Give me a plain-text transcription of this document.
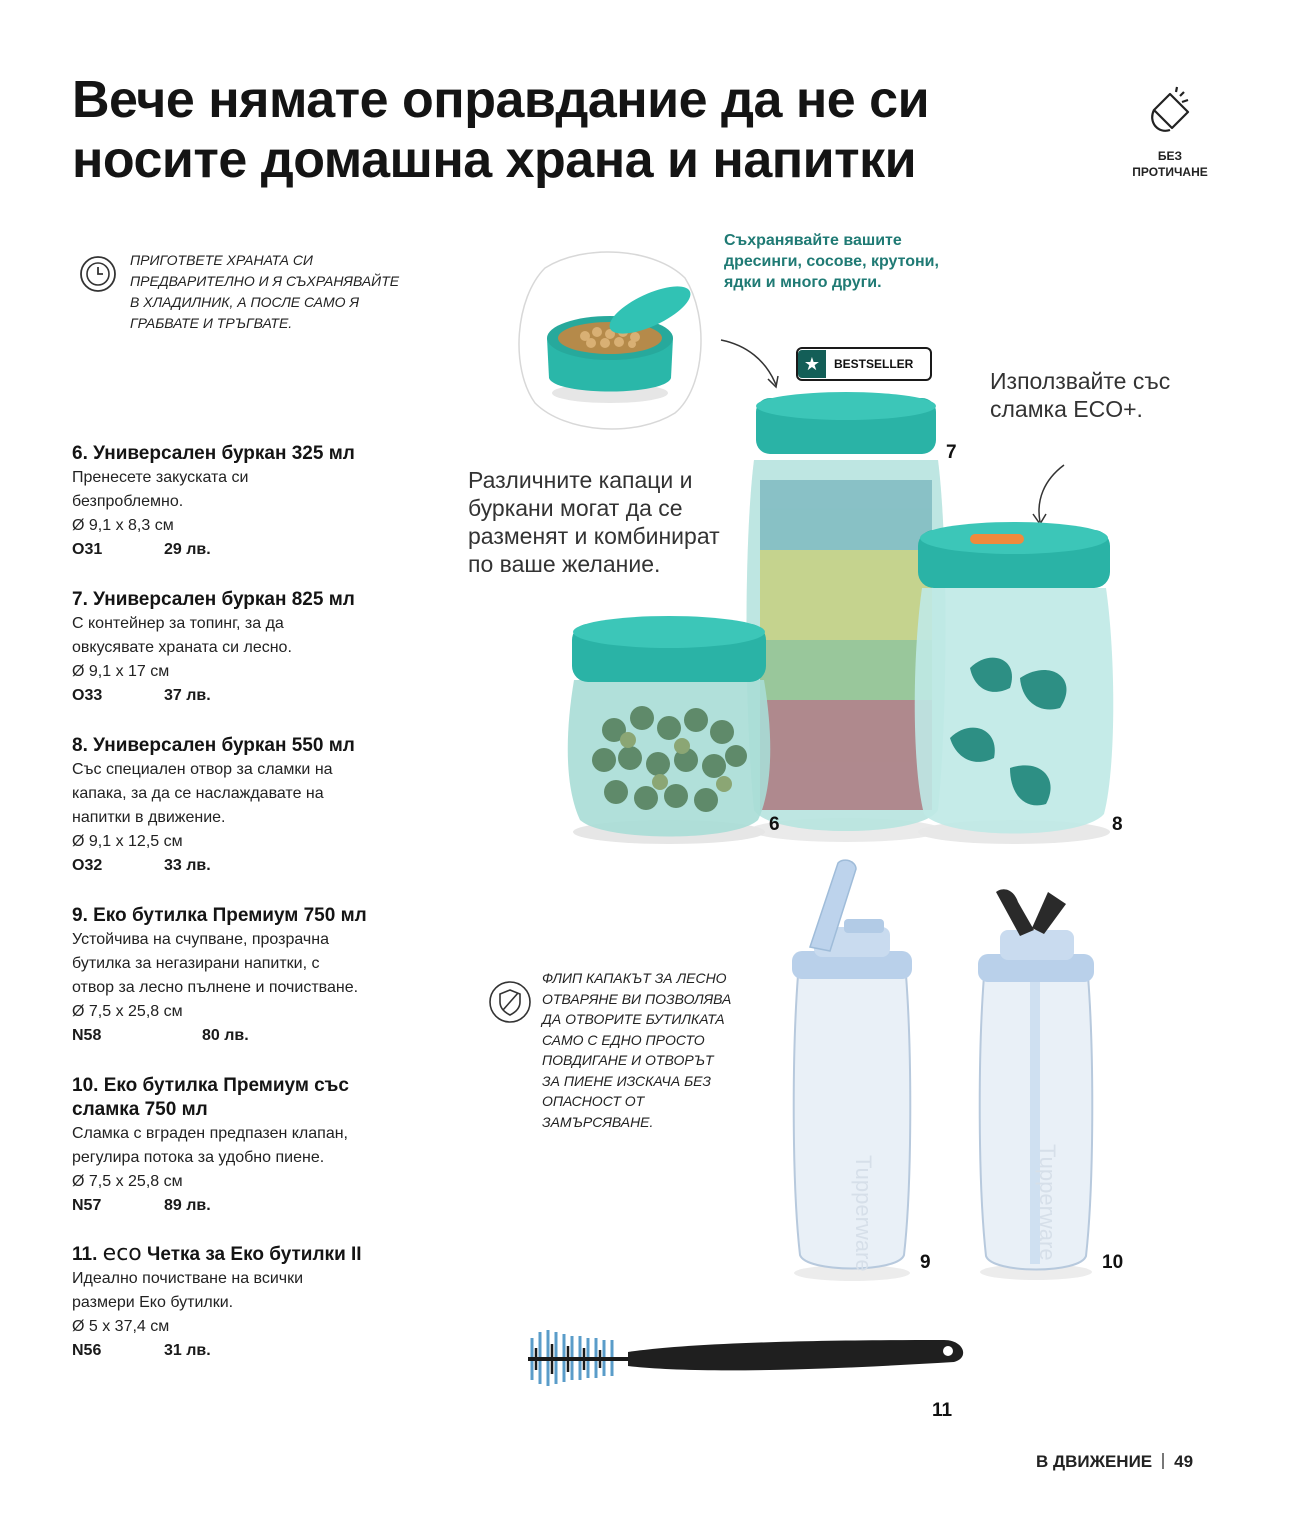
Вече нямате оправдание да не си
носите домашна храна и напитки	БЕЗ
ПРОТИЧАНЕ
ПРИГОТВЕТЕ ХРАНАТА СИ ПРЕДВАРИТЕЛНО И Я СЪХРАНЯВАЙТЕ В ХЛАДИЛНИК, А ПОСЛЕ САМО Я ГРАБВАТЕ И ТРЪГВАТЕ.
6. Универсален буркан 325 мл

Пренесете закуската си

безпроблемно.

Ø 9,1 x 8,3 см

O31	29 лв.
7. Универсален буркан 825 мл

С контейнер за топинг, за да

овкусявате храната си лесно.

Ø 9,1 x 17 см

O33	37 лв.
8. Универсален буркан 550 мл

Със специален отвор за сламки на

капака, за да се наслаждавате на

напитки в движение.

Ø 9,1 x 12,5 см

O32	33 лв.
9. Еко бутилка Премиум 750 мл

Устойчива на счупване, прозрачна

бутилка за негазирани напитки, с

отвор за лесно пълнене и почистване.

Ø 7,5 x 25,8 см

N58	80 лв.
10. Еко бутилка Премиум със сламка 750 мл

Сламка с вграден предпазен клапан,

регулира потока за удобно пиене.

Ø 7,5 x 25,8 см

N57	89 лв.
11. eco Четка за Еко бутилки II

Идеално почистване на всички

размери Еко бутилки.

Ø 5 x 37,4 см

N56	31 лв.
Съхранявайте вашите дресинги, сосове, крутони, ядки и много други.
★	BESTSELLER
Използвайте със сламка ECO+.
Различните капаци и буркани могат да се разменят и комбинират по ваше желание.
7
6	8
ФЛИП КАПАКЪТ ЗА ЛЕСНО ОТВАРЯНЕ ВИ ПОЗВОЛЯВА ДА ОТВОРИТЕ БУТИЛКАТА САМО С ЕДНО ПРОСТО ПОВДИГАНЕ И ОТВОРЪТ ЗА ПИЕНЕ ИЗСКАЧА БЕЗ ОПАСНОСТ ОТ ЗАМЪРСЯВАНЕ.
Tupperware 9
Tupperware
10
11
В ДВИЖЕНИЕ 49
